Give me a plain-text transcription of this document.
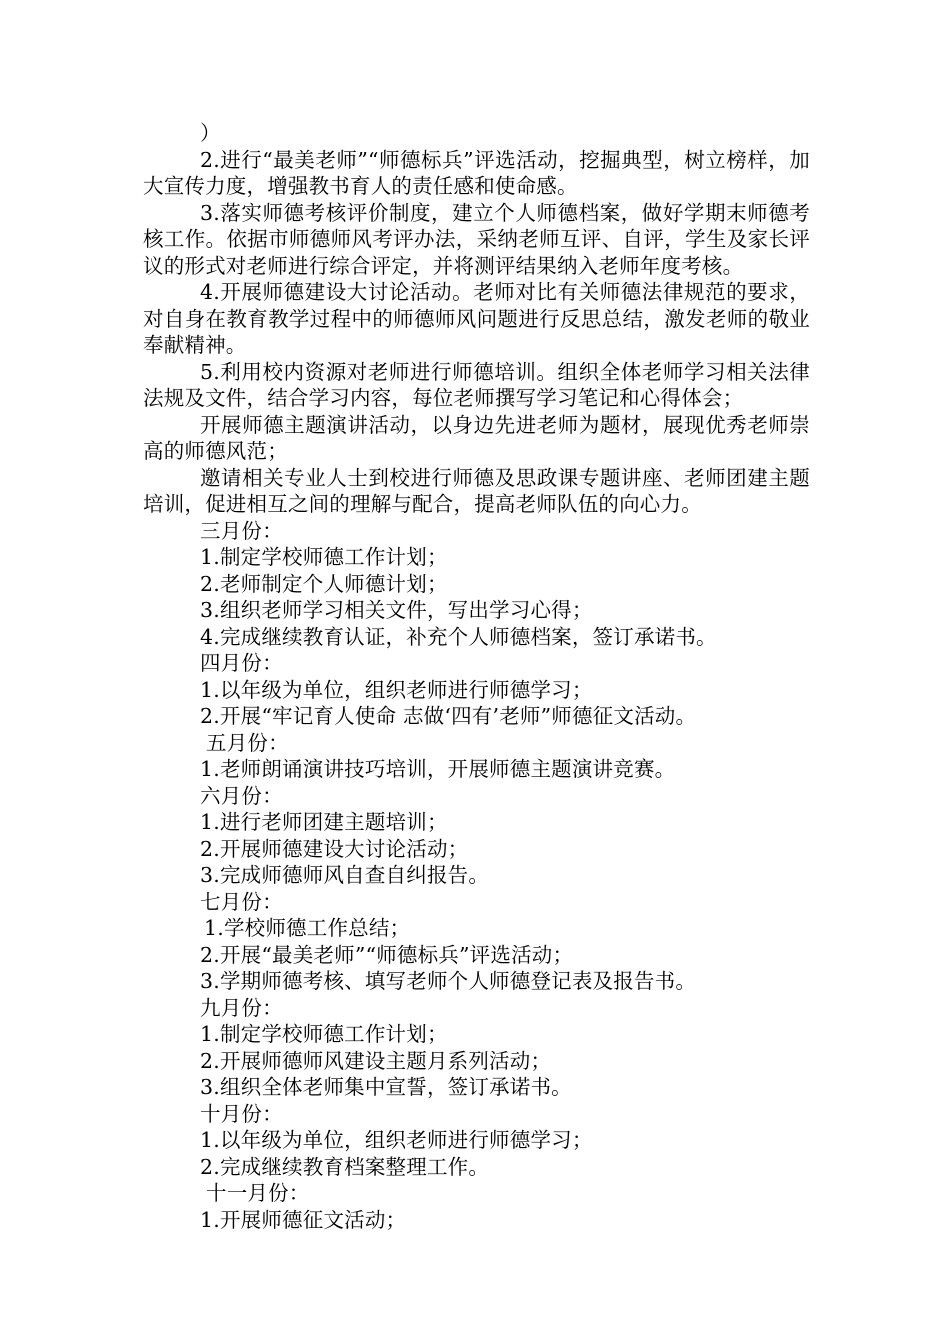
）

2.进行“最美老师”“师德标兵”评选活动，挖掘典型，树立榜样，加大宣传力度，增强教书育人的责任感和使命感。

3.落实师德考核评价制度，建立个人师德档案，做好学期末师德考核工作。依据市师德师风考评办法，采纳老师互评、自评，学生及家长评议的形式对老师进行综合评定，并将测评结果纳入老师年度考核。

4.开展师德建设大讨论活动。老师对比有关师德法律规范的要求，对自身在教育教学过程中的师德师风问题进行反思总结，激发老师的敬业奉献精神。

5.利用校内资源对老师进行师德培训。组织全体老师学习相关法律法规及文件，结合学习内容，每位老师撰写学习笔记和心得体会；

开展师德主题演讲活动，以身边先进老师为题材，展现优秀老师崇高的师德风范；

邀请相关专业人士到校进行师德及思政课专题讲座、老师团建主题培训，促进相互之间的理解与配合，提高老师队伍的向心力。

三月份：
1.制定学校师德工作计划；
2.老师制定个人师德计划；
3.组织老师学习相关文件，写出学习心得；
4.完成继续教育认证，补充个人师德档案，签订承诺书。
四月份：
1.以年级为单位，组织老师进行师德学习；
2.开展“牢记育人使命 志做‘四有’老师”师德征文活动。
五月份：
1.老师朗诵演讲技巧培训，开展师德主题演讲竞赛。
六月份：
1.进行老师团建主题培训；
2.开展师德建设大讨论活动；
3.完成师德师风自查自纠报告。
七月份：
1.学校师德工作总结；
2.开展“最美老师”“师德标兵”评选活动；
3.学期师德考核、填写老师个人师德登记表及报告书。
九月份：
1.制定学校师德工作计划；
2.开展师德师风建设主题月系列活动；
3.组织全体老师集中宣誓，签订承诺书。
十月份：
1.以年级为单位，组织老师进行师德学习；
2.完成继续教育档案整理工作。
十一月份：
1.开展师德征文活动；
